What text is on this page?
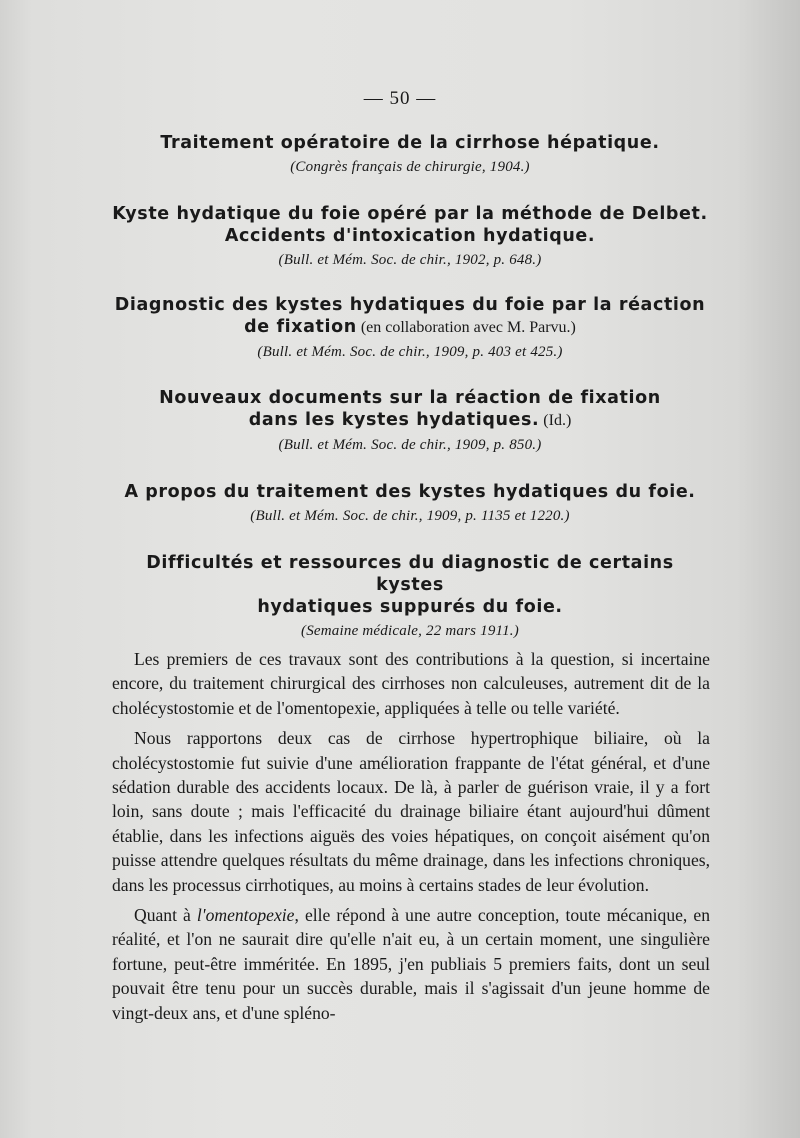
— 50 —
Traitement opératoire de la cirrhose hépatique.
(Congrès français de chirurgie, 1904.)
Kyste hydatique du foie opéré par la méthode de Delbet.
Accidents d'intoxication hydatique.
(Bull. et Mém. Soc. de chir., 1902, p. 648.)
Diagnostic des kystes hydatiques du foie par la réaction
de fixation (en collaboration avec M. Parvu.)
(Bull. et Mém. Soc. de chir., 1909, p. 403 et 425.)
Nouveaux documents sur la réaction de fixation
dans les kystes hydatiques. (Id.)
(Bull. et Mém. Soc. de chir., 1909, p. 850.)
A propos du traitement des kystes hydatiques du foie.
(Bull. et Mém. Soc. de chir., 1909, p. 1135 et 1220.)
Difficultés et ressources du diagnostic de certains kystes
hydatiques suppurés du foie.
(Semaine médicale, 22 mars 1911.)

Les premiers de ces travaux sont des contributions à la question, si incertaine encore, du traitement chirurgical des cirrhoses non calculeuses, autrement dit de la cholécystostomie et de l'omentopexie, appliquées à telle ou telle variété.

Nous rapportons deux cas de cirrhose hypertrophique biliaire, où la cholécystostomie fut suivie d'une amélioration frappante de l'état général, et d'une sédation durable des accidents locaux. De là, à parler de guérison vraie, il y a fort loin, sans doute ; mais l'efficacité du drainage biliaire étant aujourd'hui dûment établie, dans les infections aiguës des voies hépatiques, on conçoit aisément qu'on puisse attendre quelques résultats du même drainage, dans les infections chroniques, dans les processus cirrhotiques, au moins à certains stades de leur évolution.

Quant à l'omentopexie, elle répond à une autre conception, toute mécanique, en réalité, et l'on ne saurait dire qu'elle n'ait eu, à un certain moment, une singulière fortune, peut-être imméritée. En 1895, j'en publiais 5 premiers faits, dont un seul pouvait être tenu pour un succès durable, mais il s'agissait d'un jeune homme de vingt-deux ans, et d'une spléno-
